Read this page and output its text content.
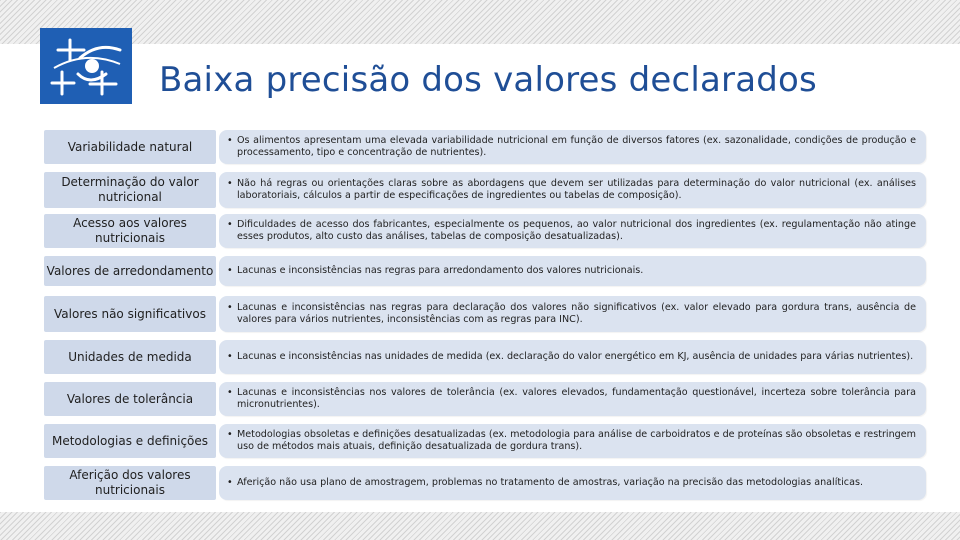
Baixa precisão dos valores declarados
Variabilidade natural	• Os alimentos apresentam uma elevada variabilidade nutricional em função de diversos fatores (ex. sazonalidade, condições de produção e processamento, tipo e concentração de nutrientes).
Determinação do valor nutricional
• Não há regras ou orientações claras sobre as abordagens que devem ser utilizadas para determinação do valor nutricional (ex. análises laboratoriais, cálculos a partir de especificações de ingredientes ou tabelas de composição).
Acesso aos valores nutricionais
• Dificuldades de acesso dos fabricantes, especialmente os pequenos, ao valor nutricional dos ingredientes (ex. regulamentação não atinge esses produtos, alto custo das análises, tabelas de composição desatualizadas).
Valores de arredondamento • Lacunas e inconsistências nas regras para arredondamento dos valores nutricionais.
Valores não significativos	• Lacunas e inconsistências nas regras para declaração dos valores não significativos (ex. valor elevado para gordura trans, ausência de valores para vários nutrientes, inconsistências com as regras para INC).
Unidades de medida	• Lacunas e inconsistências nas unidades de medida (ex. declaração do valor energético em KJ, ausência de unidades para várias nutrientes).
Valores de tolerância	• Lacunas e inconsistências nos valores de tolerância (ex. valores elevados, fundamentação questionável, incerteza sobre tolerância para micronutrientes).
Metodologias e definições	• Metodologias obsoletas e definições desatualizadas (ex. metodologia para análise de carboidratos e de proteínas são obsoletas e restringem uso de métodos mais atuais, definição desatualizada de gordura trans).
Aferição dos valores nutricionais
• Aferição não usa plano de amostragem, problemas no tratamento de amostras, variação na precisão das metodologias analíticas.
